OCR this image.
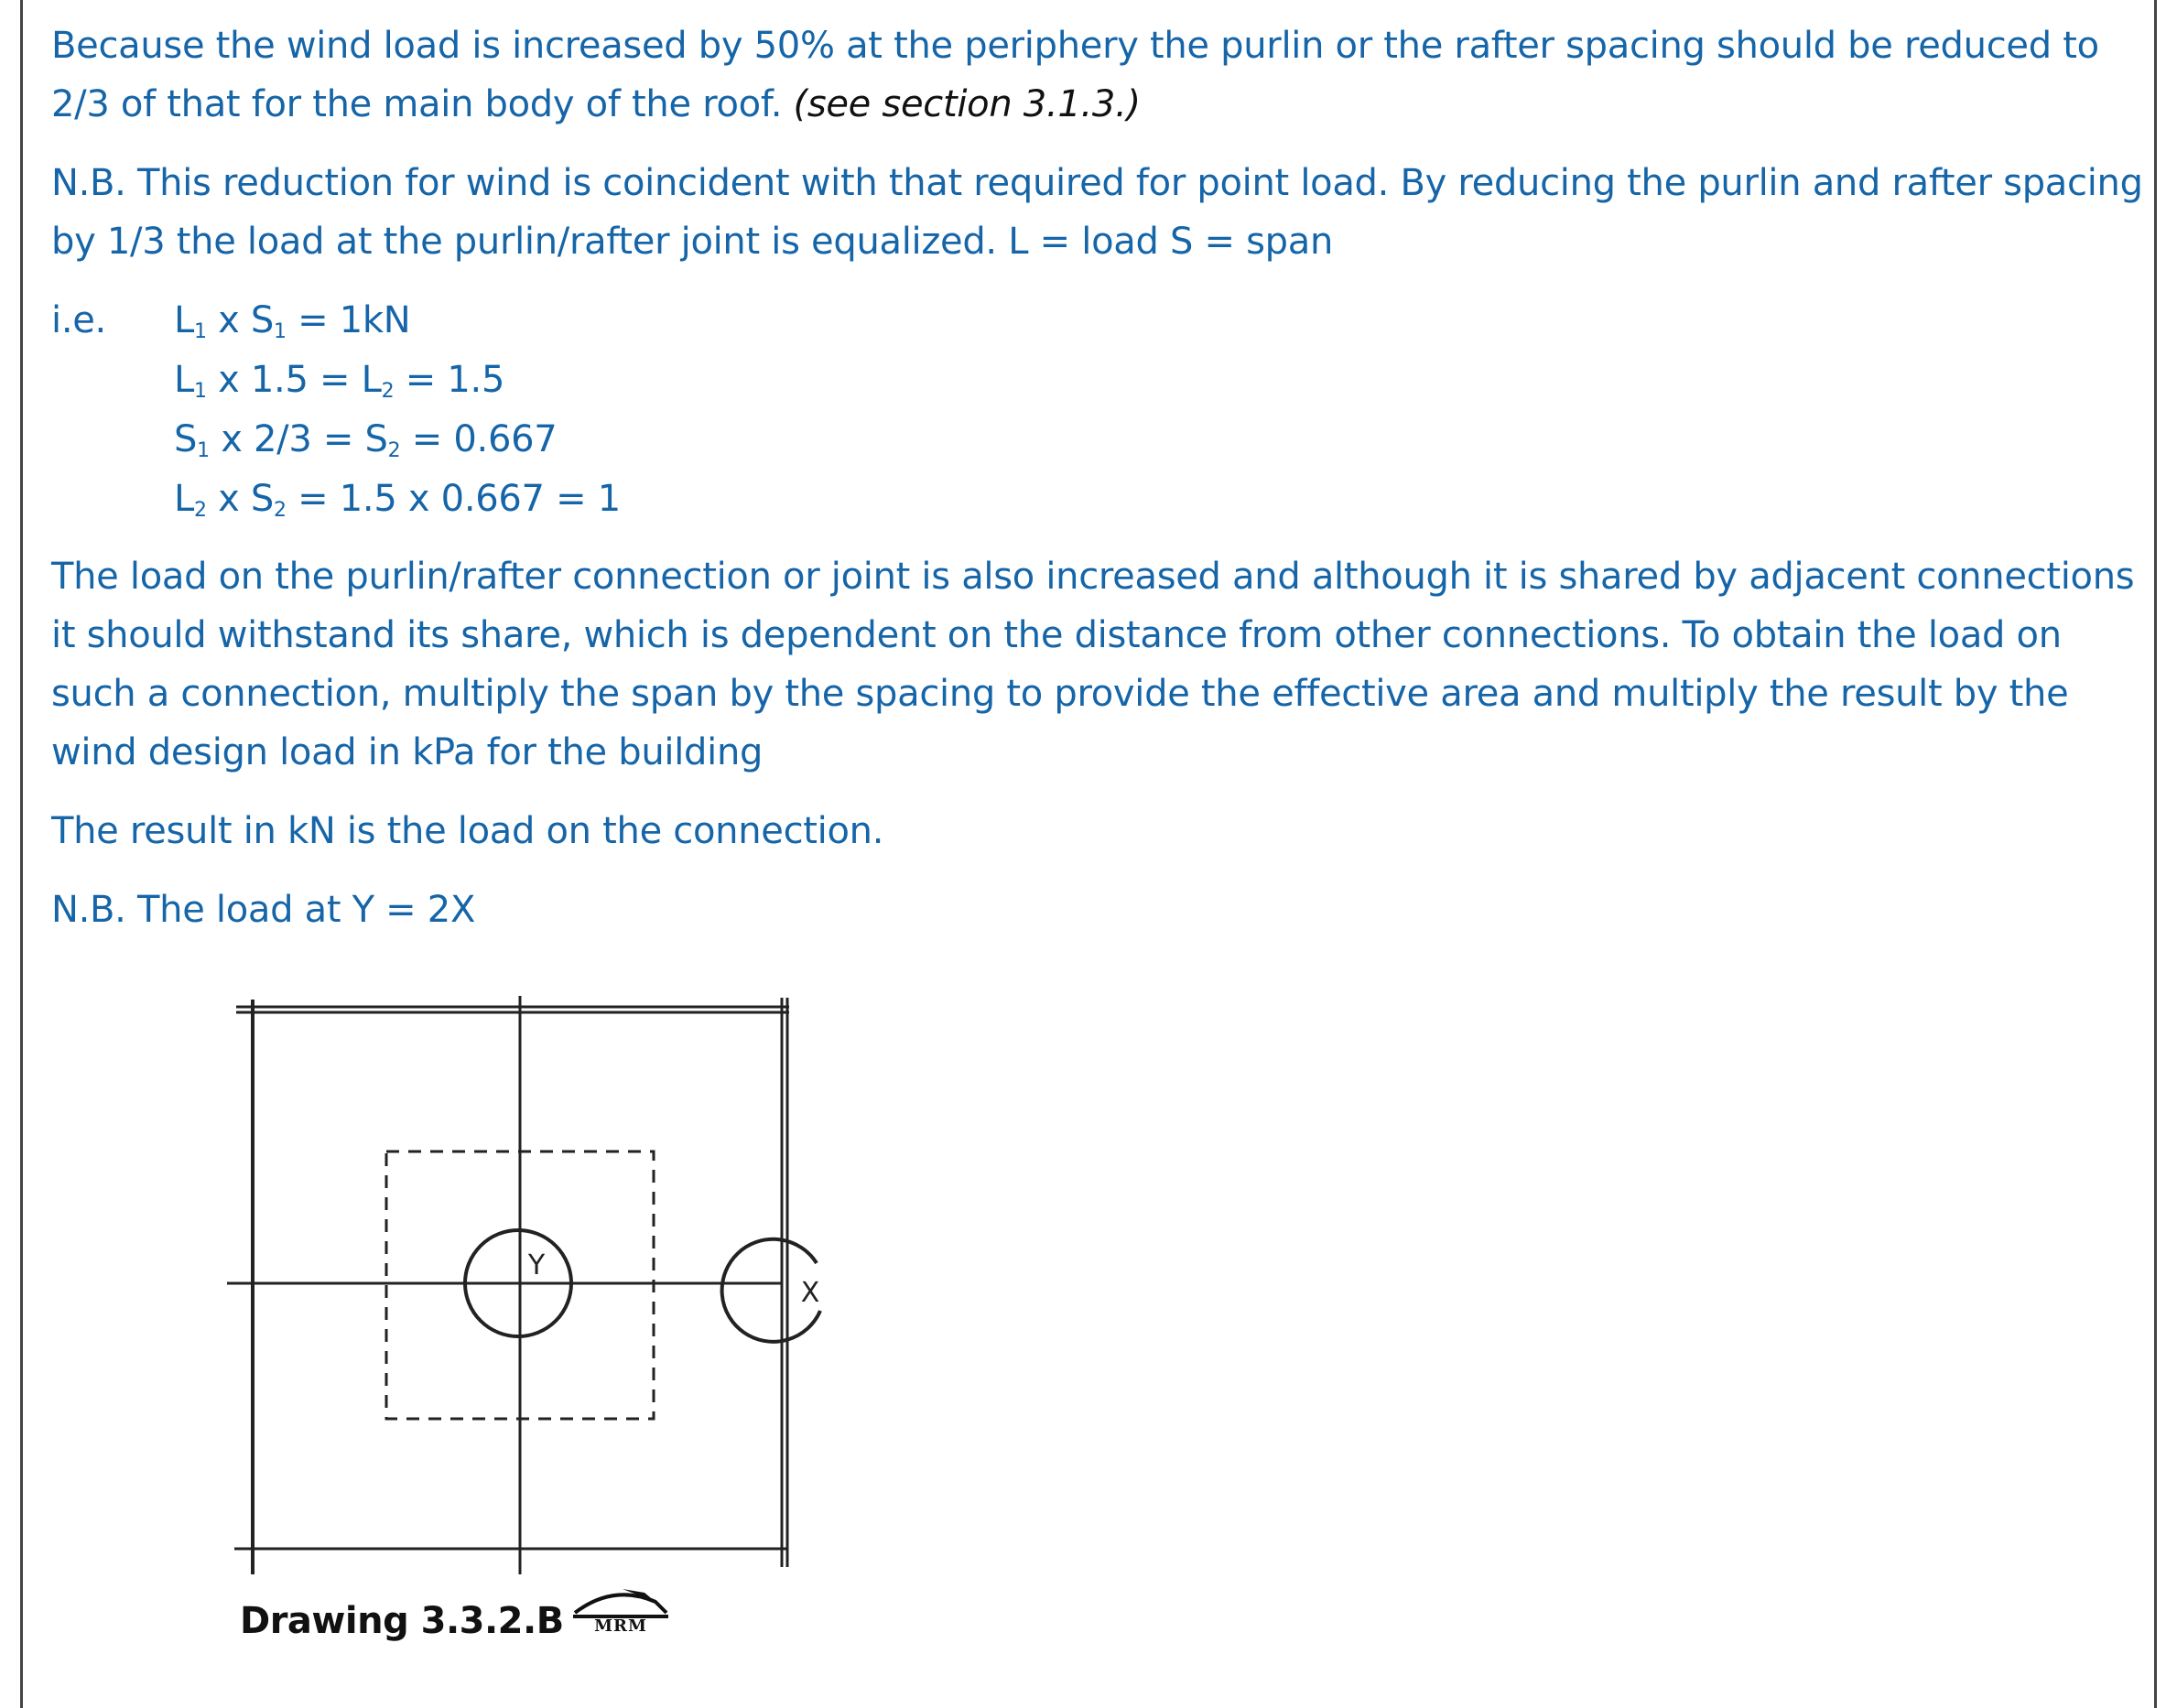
Because the wind load is increased by 50% at the periphery the purlin or the rafter spacing should be reduced to 2/3 of that for the main body of the roof. (see section 3.1.3.)

N.B. This reduction for wind is coincident with that required for point load. By reducing the purlin and rafter spacing by 1/3 the load at the purlin/rafter joint is equalized. L = load S = span

i.e.	$L_1$ x $S_1 = 1kN$
$L_1$ x $1.5 = L_2 = 1.5$
$S_1$ x $2/3 = S_2 = 0.667$
$L_2$ x $S_2 = 1.5$ x 0.667 = 1

The load on the purlin/rafter connection or joint is also increased and although it is shared by adjacent connections it should withstand its share, which is dependent on the distance from other connections. To obtain the load on such a connection, multiply the span by the spacing to provide the effective area and multiply the result by the wind design load in kPa for the building

The result in kN is the load on the connection.

N.B. The load at Y = 2X

Y
X
Drawing 3.3.2.B MRM
